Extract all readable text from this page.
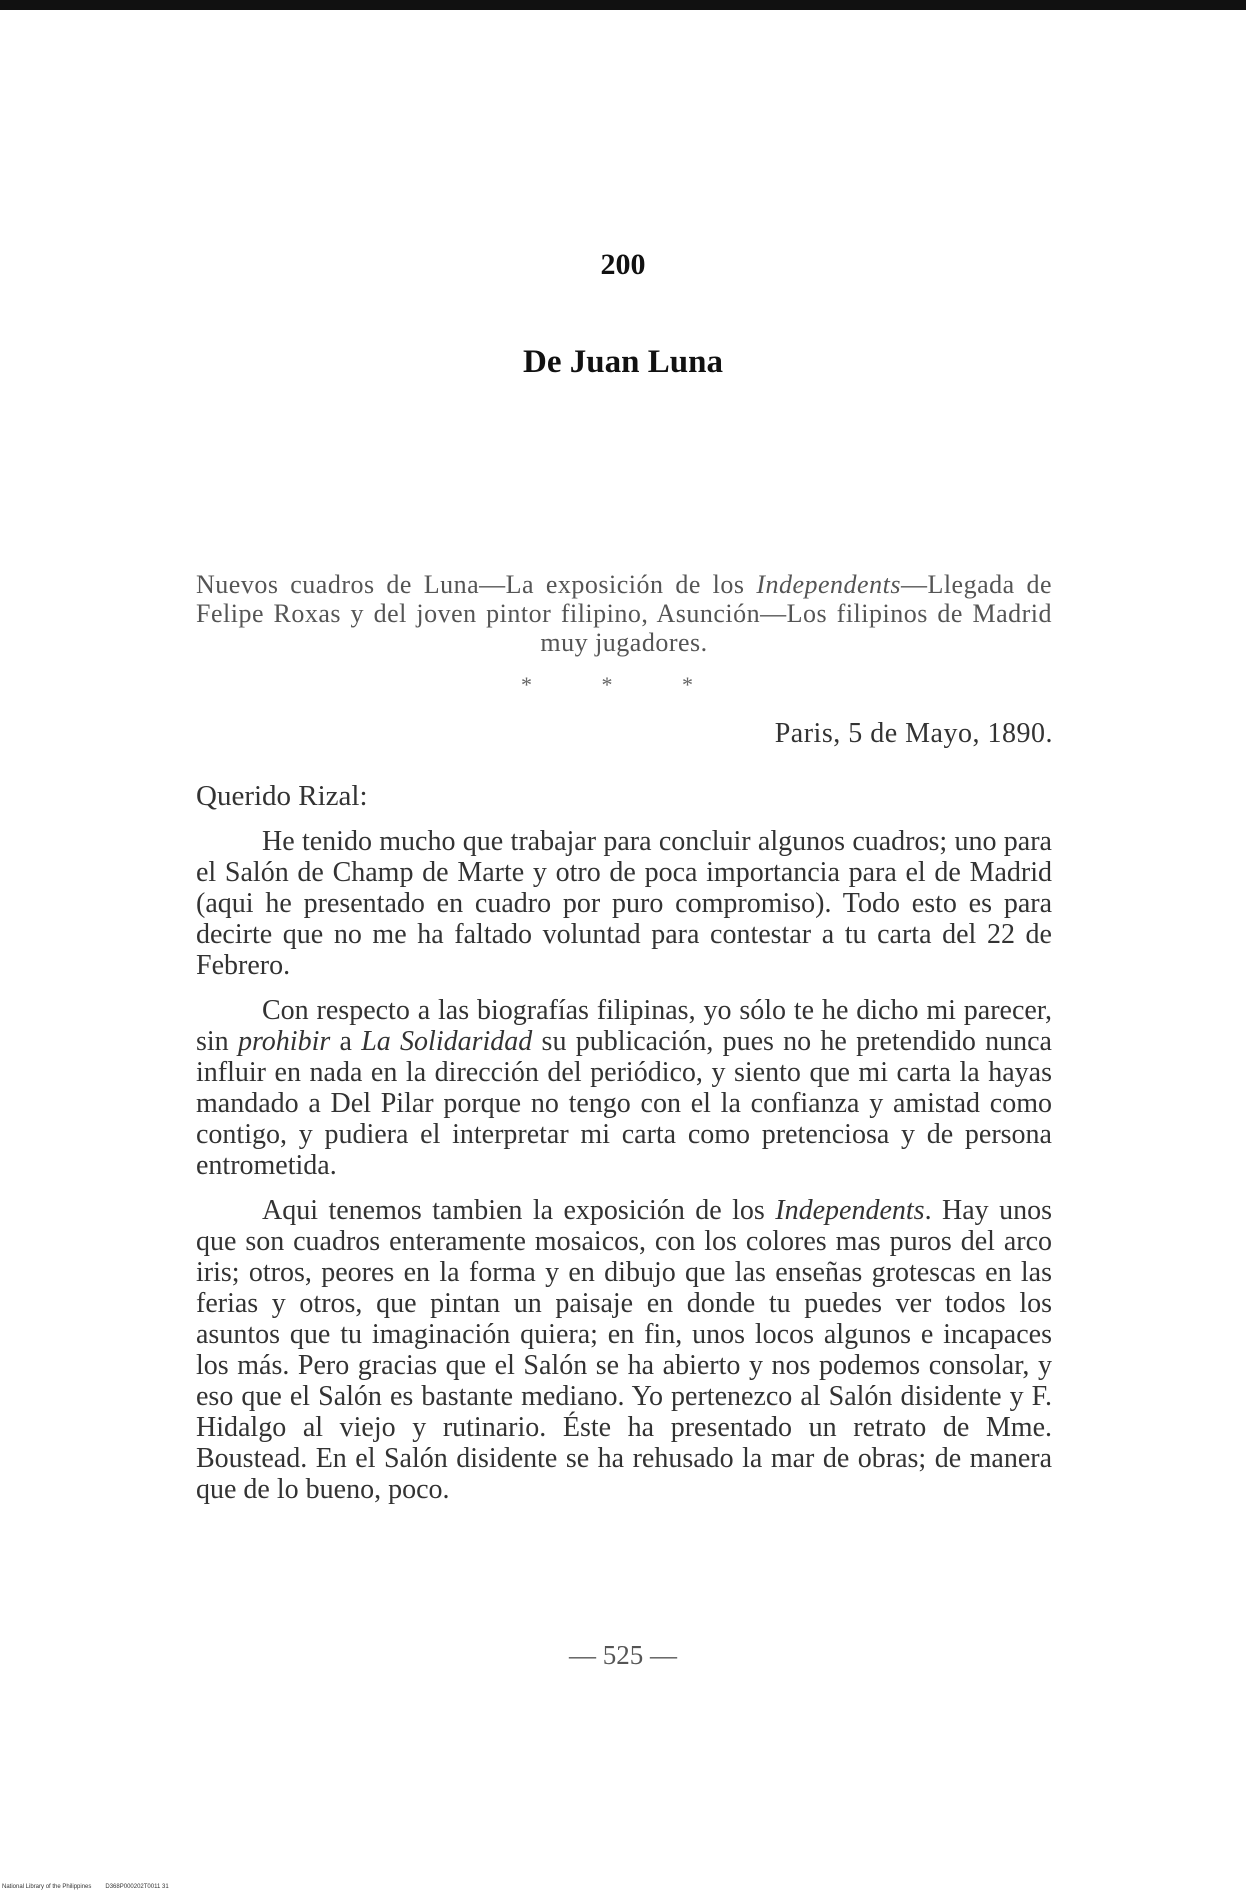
200
De Juan Luna
Nuevos cuadros de Luna—La exposición de los Independents—Llegada de Felipe Roxas y del joven pintor filipino, Asunción—Los filipinos de Madrid muy jugadores.
* * *
Paris, 5 de Mayo, 1890.
Querido Rizal:

He tenido mucho que trabajar para concluir algunos cuadros; uno para el Salón de Champ de Marte y otro de poca importancia para el de Madrid (aqui he presentado en cuadro por puro compromiso). Todo esto es para decirte que no me ha faltado voluntad para contestar a tu carta del 22 de Febrero.

Con respecto a las biografías filipinas, yo sólo te he dicho mi parecer, sin prohibir a La Solidaridad su publicación, pues no he pretendido nunca influir en nada en la dirección del periódico, y siento que mi carta la hayas mandado a Del Pilar porque no tengo con el la confianza y amistad como contigo, y pudiera el interpretar mi carta como pretenciosa y de persona entrometida.

Aqui tenemos tambien la exposición de los Independents. Hay unos que son cuadros enteramente mosaicos, con los colores mas puros del arco iris; otros, peores en la forma y en dibujo que las enseñas grotescas en las ferias y otros, que pintan un paisaje en donde tu puedes ver todos los asuntos que tu imaginación quiera; en fin, unos locos algunos e incapaces los más. Pero gracias que el Salón se ha abierto y nos podemos consolar, y eso que el Salón es bastante mediano. Yo pertenezco al Salón disidente y F. Hidalgo al viejo y rutinario. Éste ha presentado un retrato de Mme. Boustead. En el Salón disidente se ha rehusado la mar de obras; de manera que de lo bueno, poco.

— 525 —
National Library of the Philippines D368P000202T0011 31
